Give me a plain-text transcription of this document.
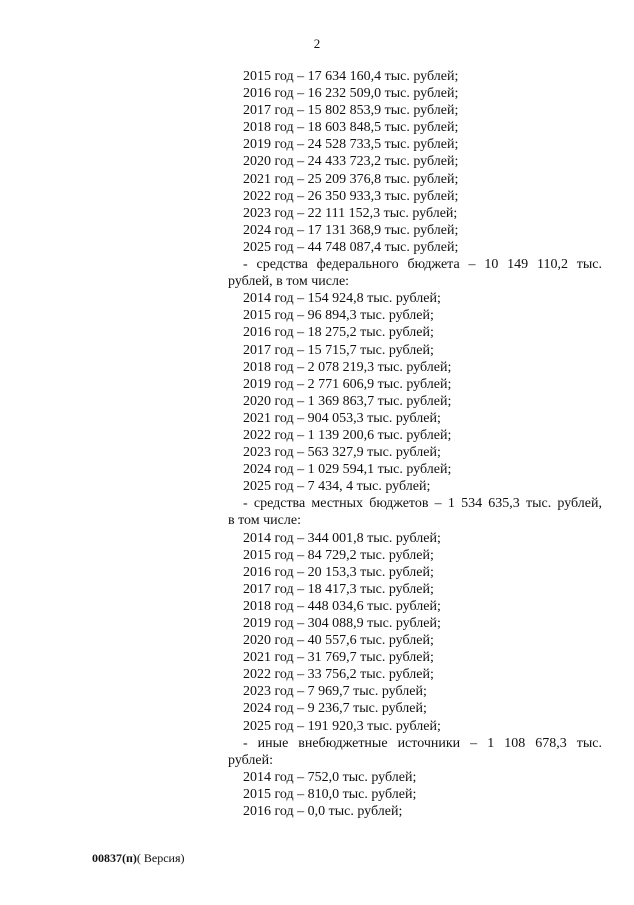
2
2015 год – 17 634 160,4 тыс. рублей;
2016 год – 16 232 509,0 тыс. рублей;
2017 год – 15 802 853,9 тыс. рублей;
2018 год – 18 603 848,5 тыс. рублей;
2019 год – 24 528 733,5 тыс. рублей;
2020 год – 24 433 723,2 тыс. рублей;
2021 год – 25 209 376,8 тыс. рублей;
2022 год – 26 350 933,3 тыс. рублей;
2023 год – 22 111 152,3 тыс. рублей;
2024 год – 17 131 368,9 тыс. рублей;
2025 год – 44 748 087,4 тыс. рублей;
- средства федерального бюджета – 10 149 110,2 тыс.
рублей, в том числе:
2014 год – 154 924,8 тыс. рублей;
2015 год – 96 894,3 тыс. рублей;
2016 год – 18 275,2 тыс. рублей;
2017 год – 15 715,7 тыс. рублей;
2018 год – 2 078 219,3 тыс. рублей;
2019 год – 2 771 606,9 тыс. рублей;
2020 год – 1 369 863,7 тыс. рублей;
2021 год – 904 053,3 тыс. рублей;
2022 год – 1 139 200,6 тыс. рублей;
2023 год – 563 327,9 тыс. рублей;
2024 год – 1 029 594,1 тыс. рублей;
2025 год – 7 434, 4 тыс. рублей;
- средства местных бюджетов – 1 534 635,3 тыс. рублей,
в том числе:
2014 год – 344 001,8 тыс. рублей;
2015 год – 84 729,2 тыс. рублей;
2016 год – 20 153,3 тыс. рублей;
2017 год – 18 417,3 тыс. рублей;
2018 год – 448 034,6 тыс. рублей;
2019 год – 304 088,9 тыс. рублей;
2020 год – 40 557,6 тыс. рублей;
2021 год – 31 769,7 тыс. рублей;
2022 год – 33 756,2 тыс. рублей;
2023 год – 7 969,7 тыс. рублей;
2024 год – 9 236,7 тыс. рублей;
2025 год – 191 920,3 тыс. рублей;
- иные внебюджетные источники – 1 108 678,3 тыс.
рублей:
2014 год – 752,0 тыс. рублей;
2015 год – 810,0 тыс. рублей;
2016 год – 0,0 тыс. рублей;
00837(п)( Версия)
